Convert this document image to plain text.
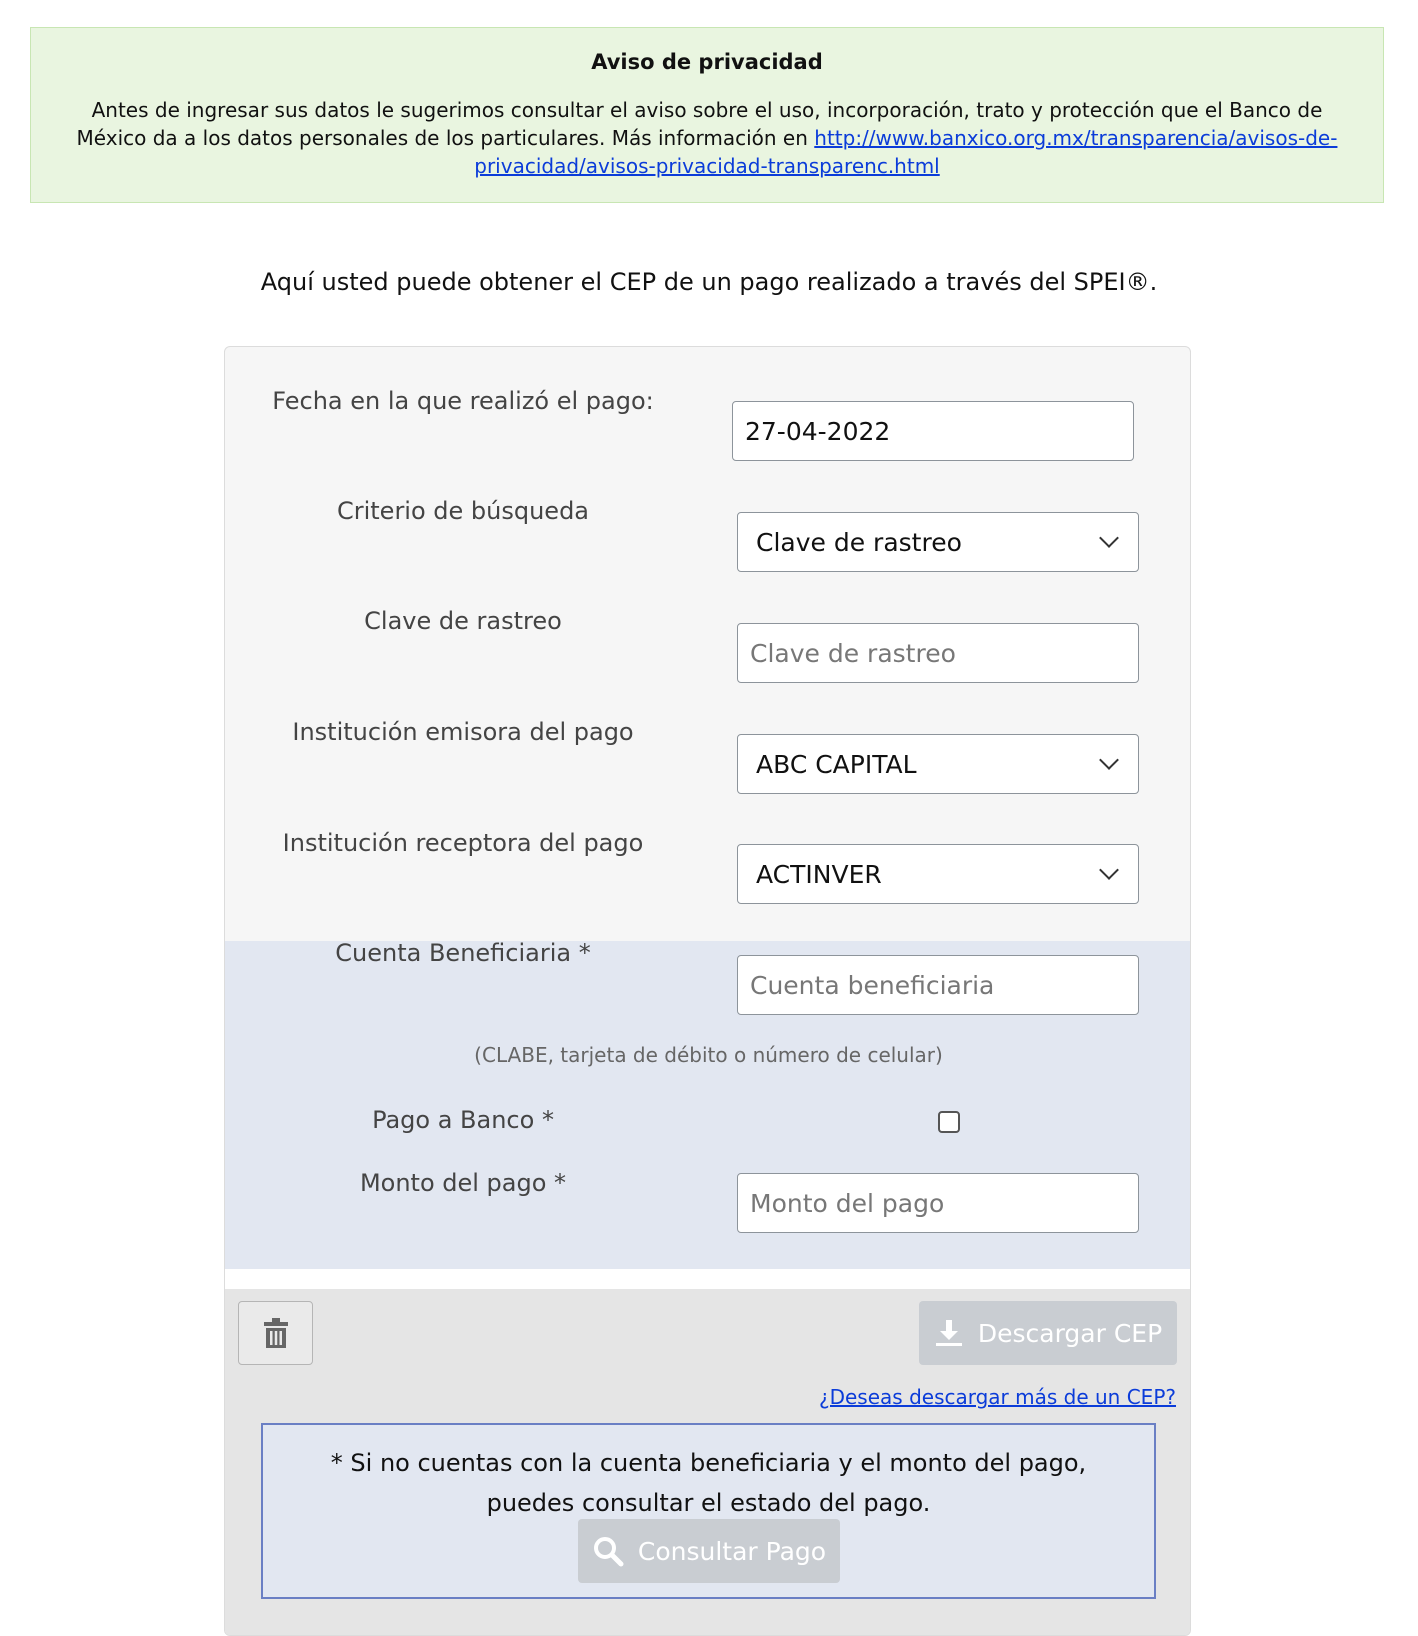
Aviso de privacidad
Antes de ingresar sus datos le sugerimos consultar el aviso sobre el uso, incorporación, trato y protección que el Banco de México da a los datos personales de los particulares. Más información en http://www.banxico.org.mx/transparencia/avisos-de-privacidad/avisos-privacidad-transparenc.html
Aquí usted puede obtener el CEP de un pago realizado a través del SPEI®.
Fecha en la que realizó el pago:
27-04-2022
Criterio de búsqueda
Clave de rastreo
Clave de rastreo
Clave de rastreo
Institución emisora del pago
ABC CAPITAL
Institución receptora del pago
ACTINVER
Cuenta Beneficiaria *
Cuenta beneficiaria
(CLABE, tarjeta de débito o número de celular)
Pago a Banco *
Monto del pago *
Monto del pago
Descargar CEP
¿Deseas descargar más de un CEP?
* Si no cuentas con la cuenta beneficiaria y el monto del pago, puedes consultar el estado del pago.
Consultar Pago
